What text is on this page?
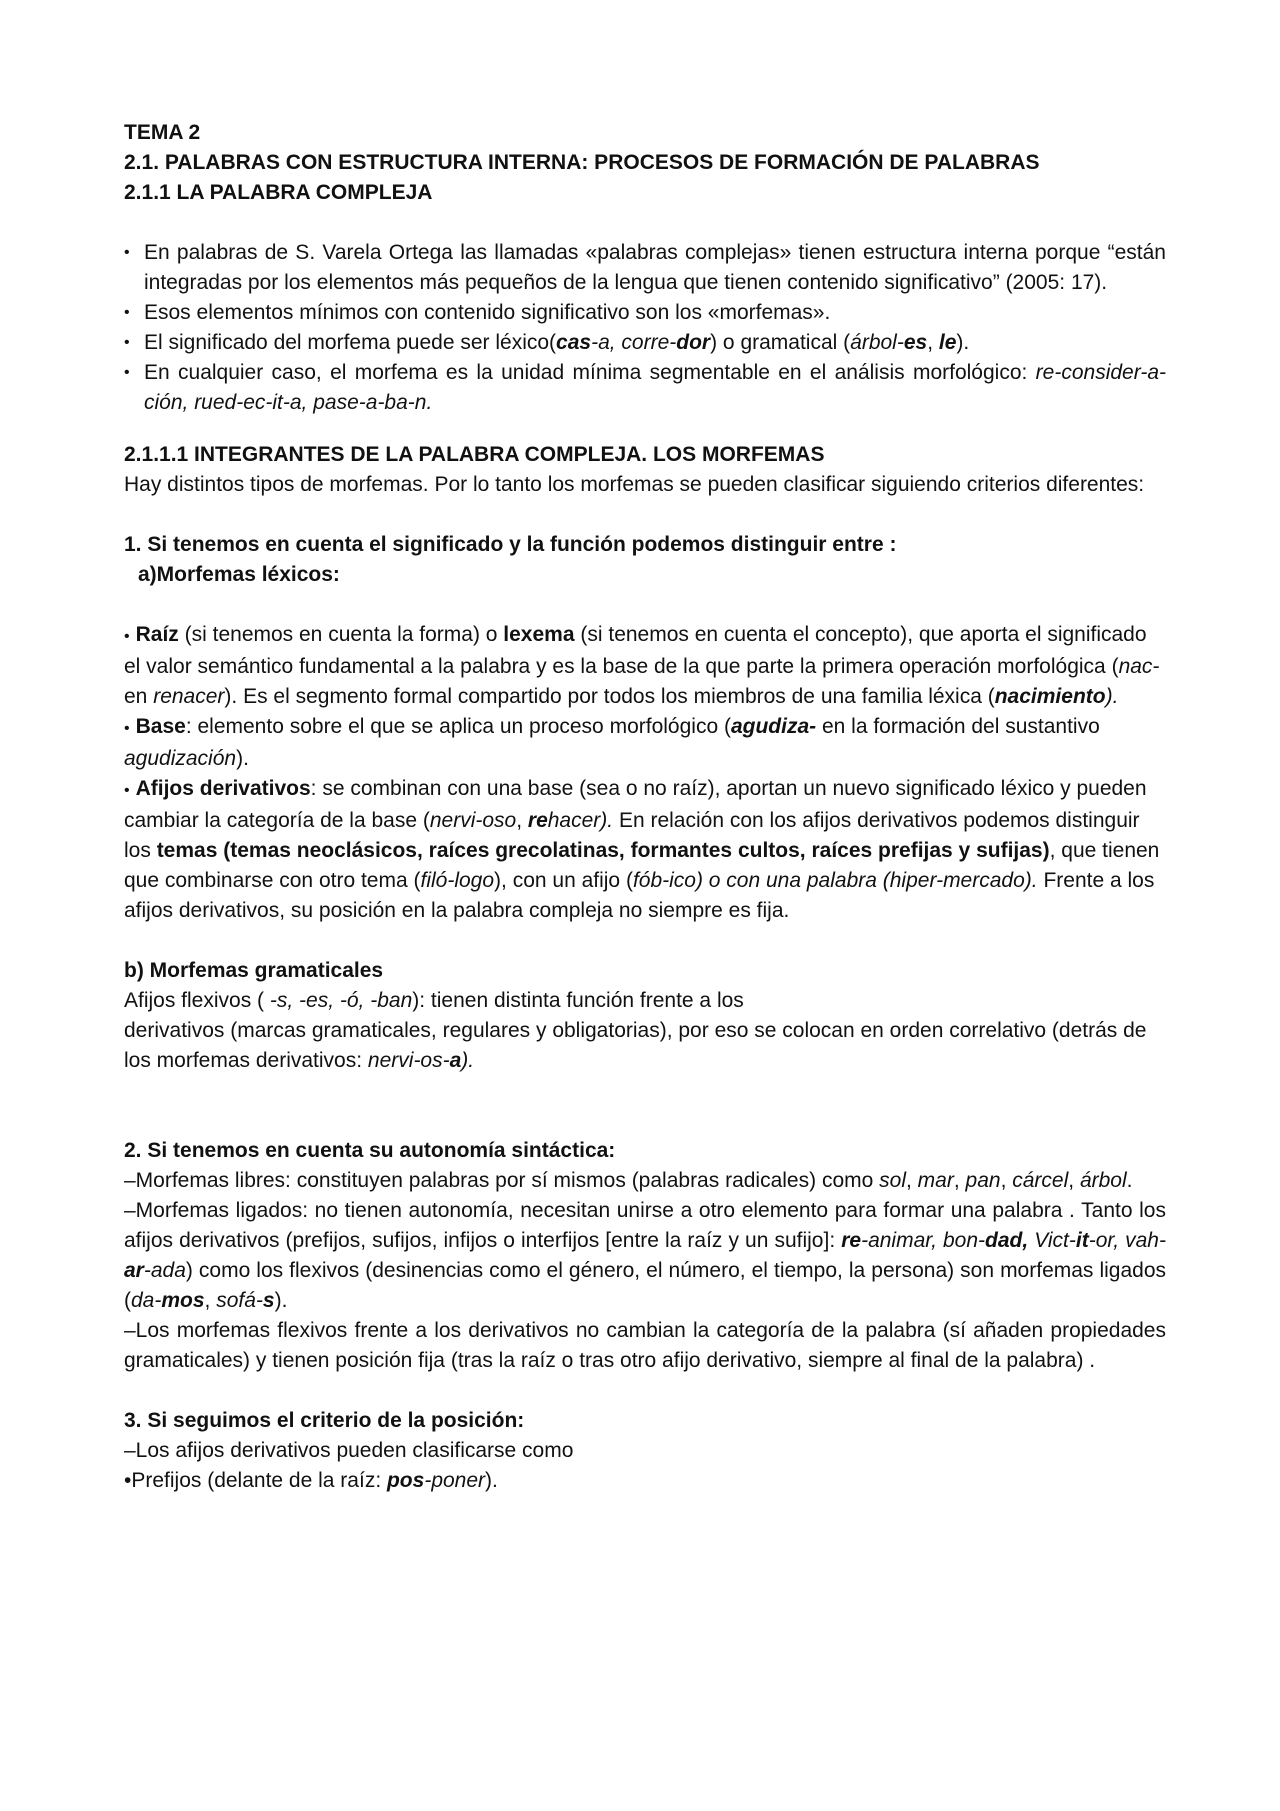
TEMA 2

2.1. PALABRAS CON ESTRUCTURA INTERNA: PROCESOS DE FORMACIÓN DE PALABRAS

2.1.1 LA PALABRA COMPLEJA

• En palabras de S. Varela Ortega las llamadas «palabras complejas» tienen estructura interna porque “están integradas por los elementos más pequeños de la lengua que tienen contenido significativo” (2005: 17).
• Esos elementos mínimos con contenido significativo son los «morfemas».
• El significado del morfema puede ser léxico(cas-a, corre-dor) o gramatical (árbol-es, le).
• En cualquier caso, el morfema es la unidad mínima segmentable en el análisis morfológico: re-consider-a-ción, rued-ec-it-a, pase-a-ba-n.

2.1.1.1 INTEGRANTES DE LA PALABRA COMPLEJA. LOS MORFEMAS

Hay distintos tipos de morfemas. Por lo tanto los morfemas se pueden clasificar siguiendo criterios diferentes:

1. Si tenemos en cuenta el significado y la función podemos distinguir entre :

a)Morfemas léxicos:

• Raíz (si tenemos en cuenta la forma) o lexema (si tenemos en cuenta el concepto), que aporta el significado el valor semántico fundamental a la palabra y es la base de la que parte la primera operación morfológica (nac- en renacer). Es el segmento formal compartido por todos los miembros de una familia léxica (nacimiento).

• Base: elemento sobre el que se aplica un proceso morfológico (agudiza- en la formación del sustantivo agudización).

• Afijos derivativos: se combinan con una base (sea o no raíz), aportan un nuevo significado léxico y pueden cambiar la categoría de la base (nervi-oso, rehacer). En relación con los afijos derivativos podemos distinguir los temas (temas neoclásicos, raíces grecolatinas, formantes cultos, raíces prefijas y sufijas), que tienen que combinarse con otro tema (filó-logo), con un afijo (fób-ico) o con una palabra (hiper-mercado). Frente a los afijos derivativos, su posición en la palabra compleja no siempre es fija.

b) Morfemas gramaticales

Afijos flexivos ( -s, -es, -ó, -ban): tienen distinta función frente a los

derivativos (marcas gramaticales, regulares y obligatorias), por eso se colocan en orden correlativo (detrás de los morfemas derivativos: nervi-os-a).

2. Si tenemos en cuenta su autonomía sintáctica:

–Morfemas libres: constituyen palabras por sí mismos (palabras radicales) como sol, mar, pan, cárcel, árbol.

–Morfemas ligados: no tienen autonomía, necesitan unirse a otro elemento para formar una palabra . Tanto los afijos derivativos (prefijos, sufijos, infijos o interfijos [entre la raíz y un sufijo]: re-animar, bon-dad, Vict-it-or, vah-ar-ada) como los flexivos (desinencias como el género, el número, el tiempo, la persona) son morfemas ligados (da-mos, sofá-s).

–Los morfemas flexivos frente a los derivativos no cambian la categoría de la palabra (sí añaden propiedades gramaticales) y tienen posición fija (tras la raíz o tras otro afijo derivativo, siempre al final de la palabra) .

3. Si seguimos el criterio de la posición:

–Los afijos derivativos pueden clasificarse como

•Prefijos (delante de la raíz: pos-poner).
